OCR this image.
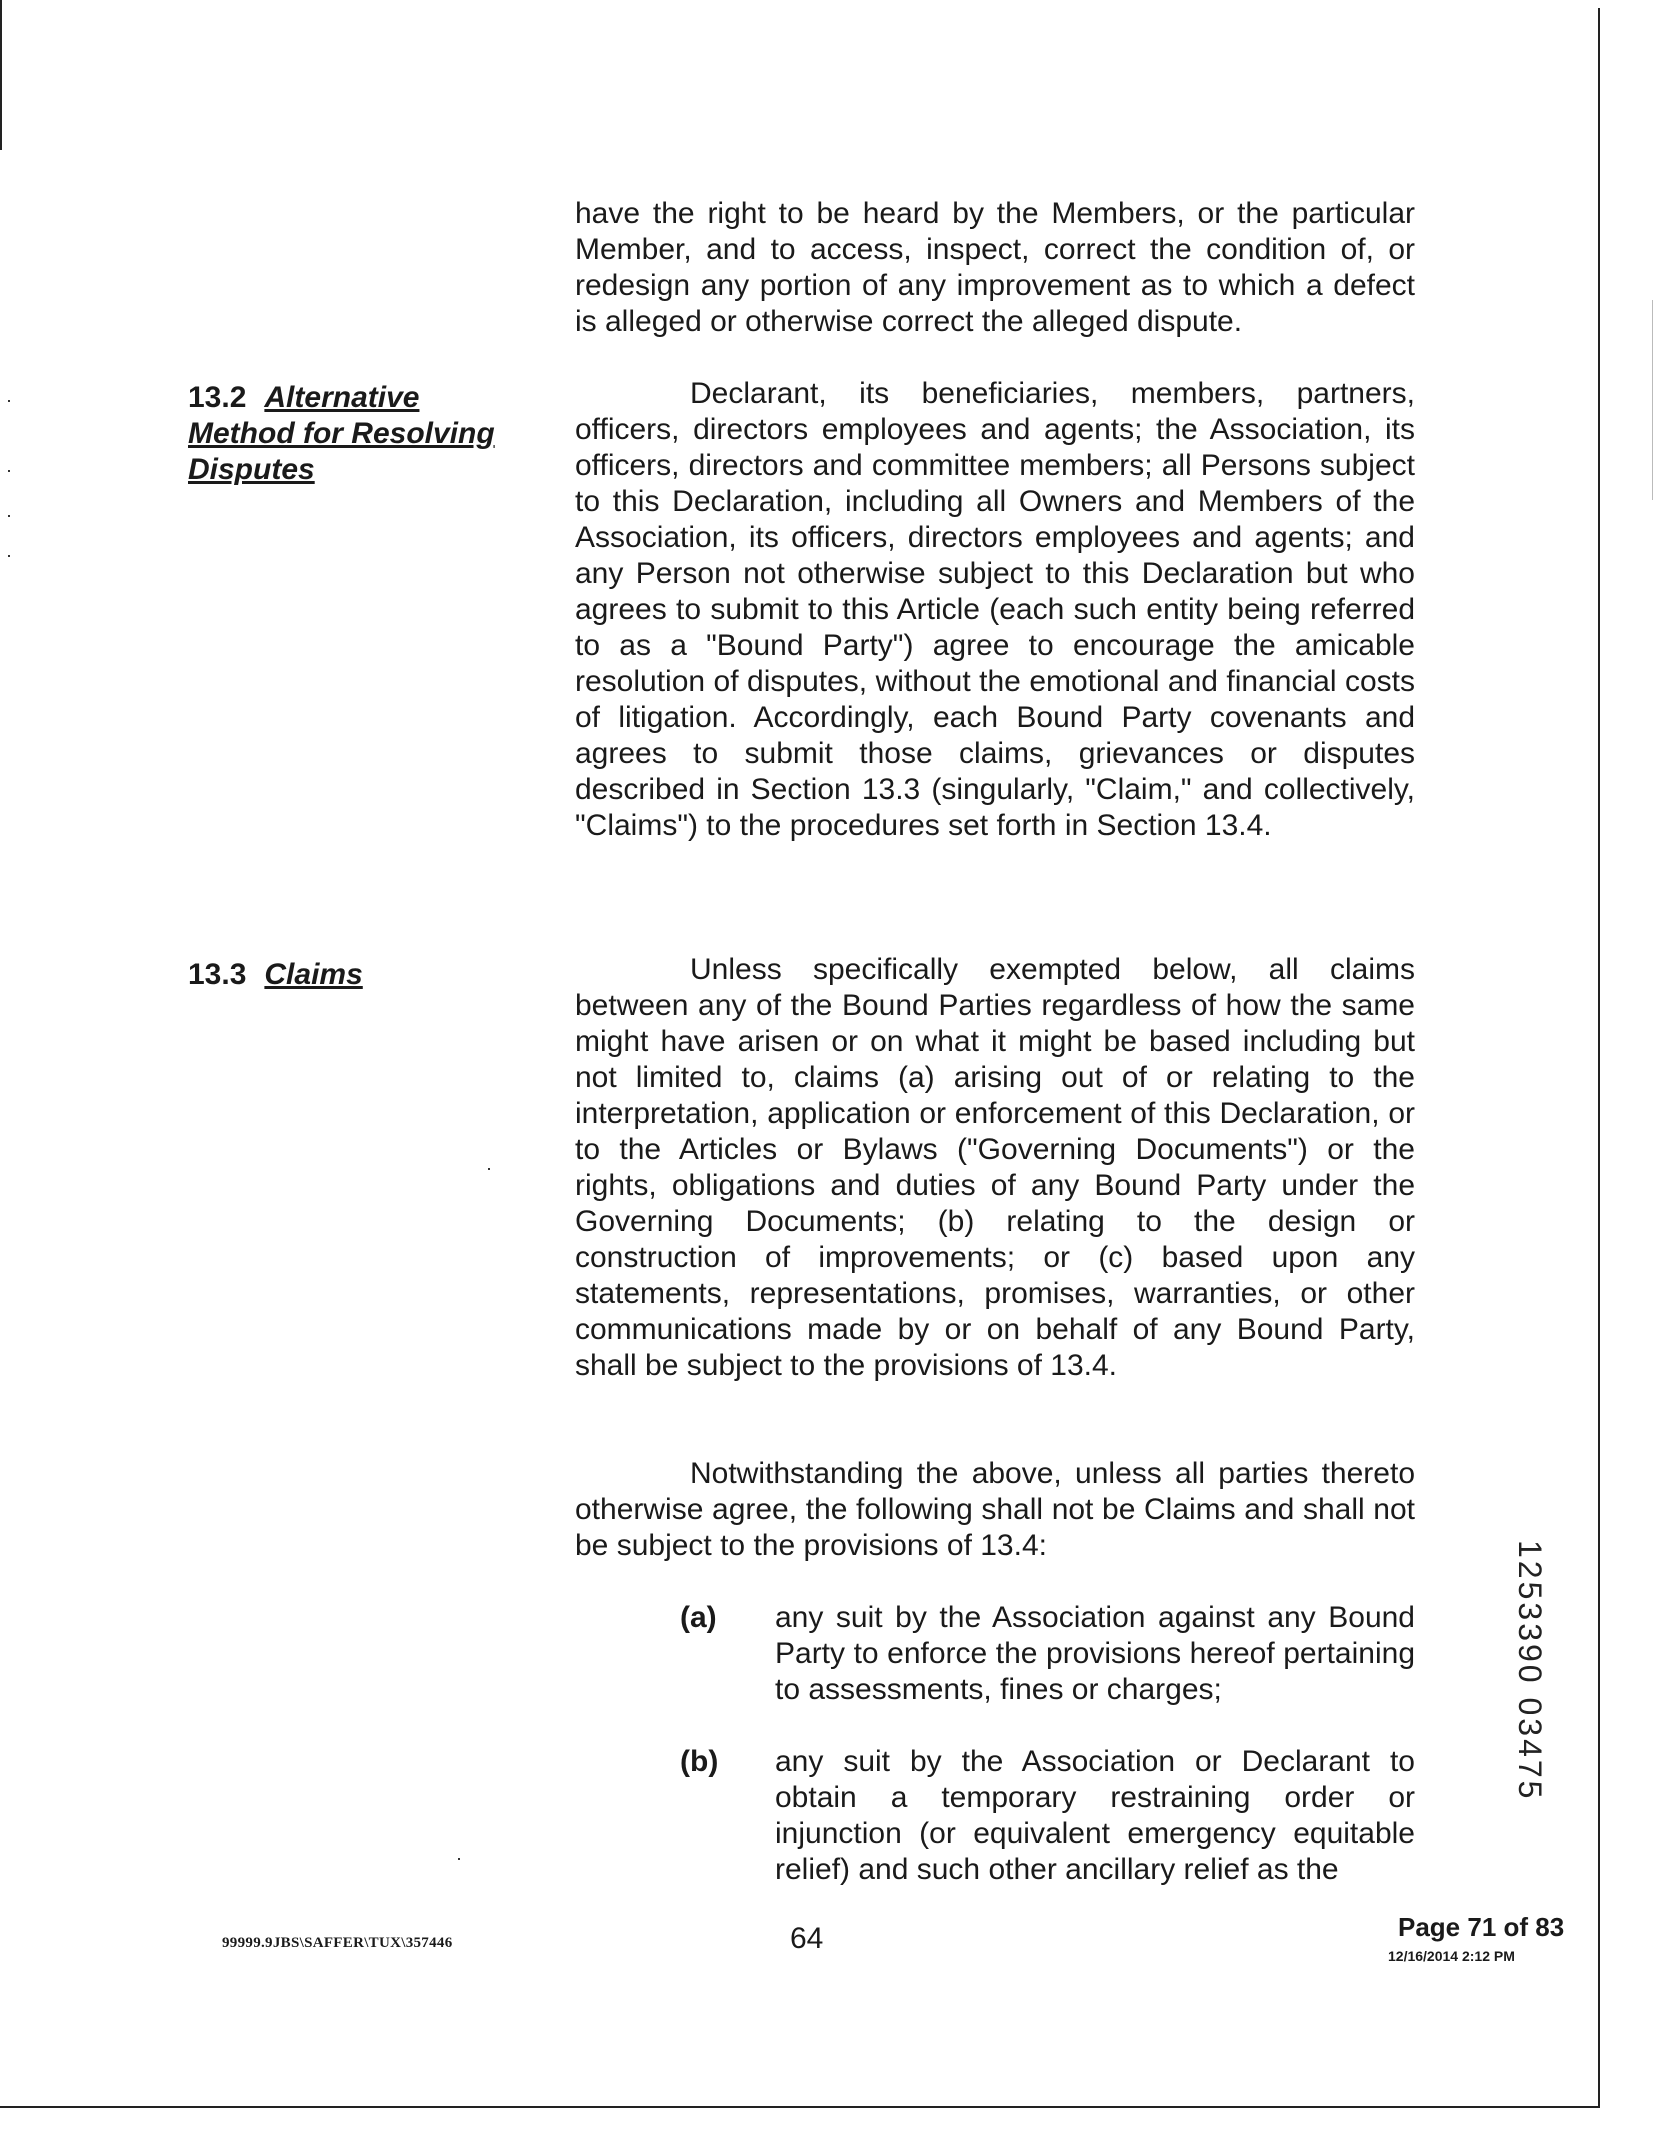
have the right to be heard by the Members, or the particular Member, and to access, inspect, correct the condition of, or redesign any portion of any improvement as to which a defect is alleged or otherwise correct the alleged dispute.

13.2 Alternative Method for Resolving Disputes

Declarant, its beneficiaries, members, partners, officers, directors employees and agents; the Association, its officers, directors and committee members; all Persons subject to this Declaration, including all Owners and Members of the Association, its officers, directors employees and agents; and any Person not otherwise subject to this Declaration but who agrees to submit to this Article (each such entity being referred to as a "Bound Party") agree to encourage the amicable resolution of disputes, without the emotional and financial costs of litigation. Accordingly, each Bound Party covenants and agrees to submit those claims, grievances or disputes described in Section 13.3 (singularly, "Claim," and collectively, "Claims") to the procedures set forth in Section 13.4.

13.3 Claims	Unless specifically exempted below, all claims between any of the Bound Parties regardless of how the same might have arisen or on what it might be based including but not limited to, claims (a) arising out of or relating to the interpretation, application or enforcement of this Declaration, or to the Articles or Bylaws ("Governing Documents") or the rights, obligations and duties of any Bound Party under the Governing Documents; (b) relating to the design or construction of improvements; or (c) based upon any statements, representations, promises, warranties, or other communications made by or on behalf of any Bound Party, shall be subject to the provisions of 13.4.

Notwithstanding the above, unless all parties thereto otherwise agree, the following shall not be Claims and shall not be subject to the provisions of 13.4:

(a) any suit by the Association against any Bound Party to enforce the provisions hereof pertaining to assessments, fines or charges;
(b) any suit by the Association or Declarant to obtain a temporary restraining order or injunction (or equivalent emergency equitable relief) and such other ancillary relief as the
1253390 03475
99999.9JBS\SAFFER\TUX\357446	64	Page 71 of 83
12/16/2014 2:12 PM
